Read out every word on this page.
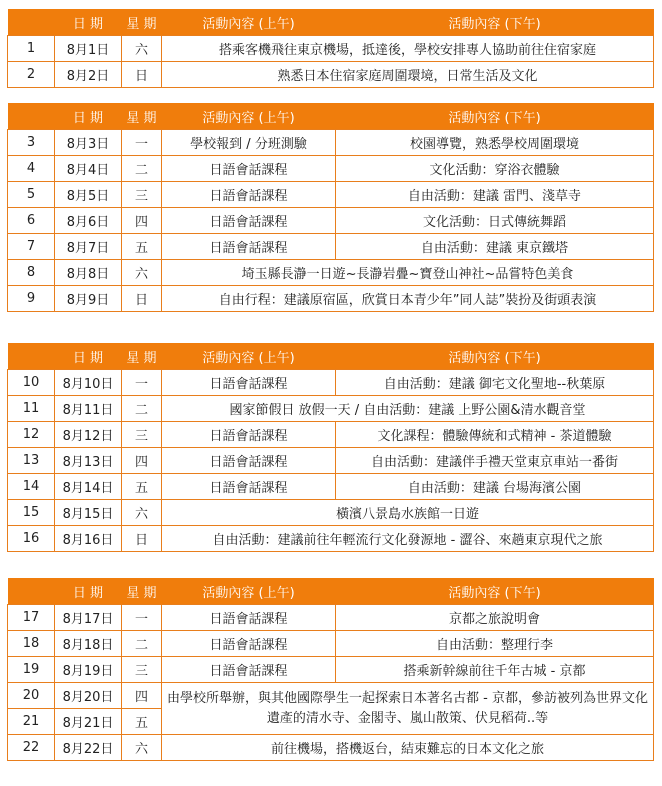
	日 期	星 期	活動內容 (上午)	活動內容 (下午)
1	8月1日	六	搭乘客機飛往東京機場，抵達後，學校安排專人協助前往住宿家庭	
2	8月2日	日	熟悉日本住宿家庭周圍環境，日常生活及文化	
	日 期	星 期	活動內容 (上午)	活動內容 (下午)
3	8月3日	一	學校報到 / 分班測驗	校園導覽，熟悉學校周圍環境
4	8月4日	二	日語會話課程	文化活動：穿浴衣體驗
5	8月5日	三	日語會話課程	自由活動：建議 雷門、淺草寺
6	8月6日	四	日語會話課程	文化活動：日式傳統舞蹈
7	8月7日	五	日語會話課程	自由活動：建議 東京鐵塔
8	8月8日	六	埼玉縣長瀞一日遊~長瀞岩疊~寶登山神社~品嘗特色美食	
9	8月9日	日	自由行程：建議原宿區，欣賞日本青少年”同人誌”裝扮及街頭表演	
	日 期	星 期	活動內容 (上午)	活動內容 (下午)
10	8月10日	一	日語會話課程	自由活動：建議 御宅文化聖地--秋葉原
11	8月11日	二	國家節假日 放假一天 / 自由活動：建議 上野公園&清水觀音堂	
12	8月12日	三	日語會話課程	文化課程：體驗傳統和式精神 - 茶道體驗
13	8月13日	四	日語會話課程	自由活動：建議伴手禮天堂東京車站一番街
14	8月14日	五	日語會話課程	自由活動：建議 台場海濱公園
15	8月15日	六	橫濱八景島水族館一日遊	
16	8月16日	日	自由活動：建議前往年輕流行文化發源地 - 澀谷、來趟東京現代之旅	
	日 期	星 期	活動內容 (上午)	活動內容 (下午)
17	8月17日	一	日語會話課程	京都之旅說明會
18	8月18日	二	日語會話課程	自由活動：整理行李
19	8月19日	三	日語會話課程	搭乘新幹線前往千年古城 - 京都
20	8月20日	四	由學校所舉辦，與其他國際學生一起探索日本著名古都 - 京都，參訪被列為世界文化遺產的清水寺、金閣寺、嵐山散策、伏見稻荷..等	
21	8月21日	五		
22	8月22日	六	前往機場，搭機返台，結束難忘的日本文化之旅	
